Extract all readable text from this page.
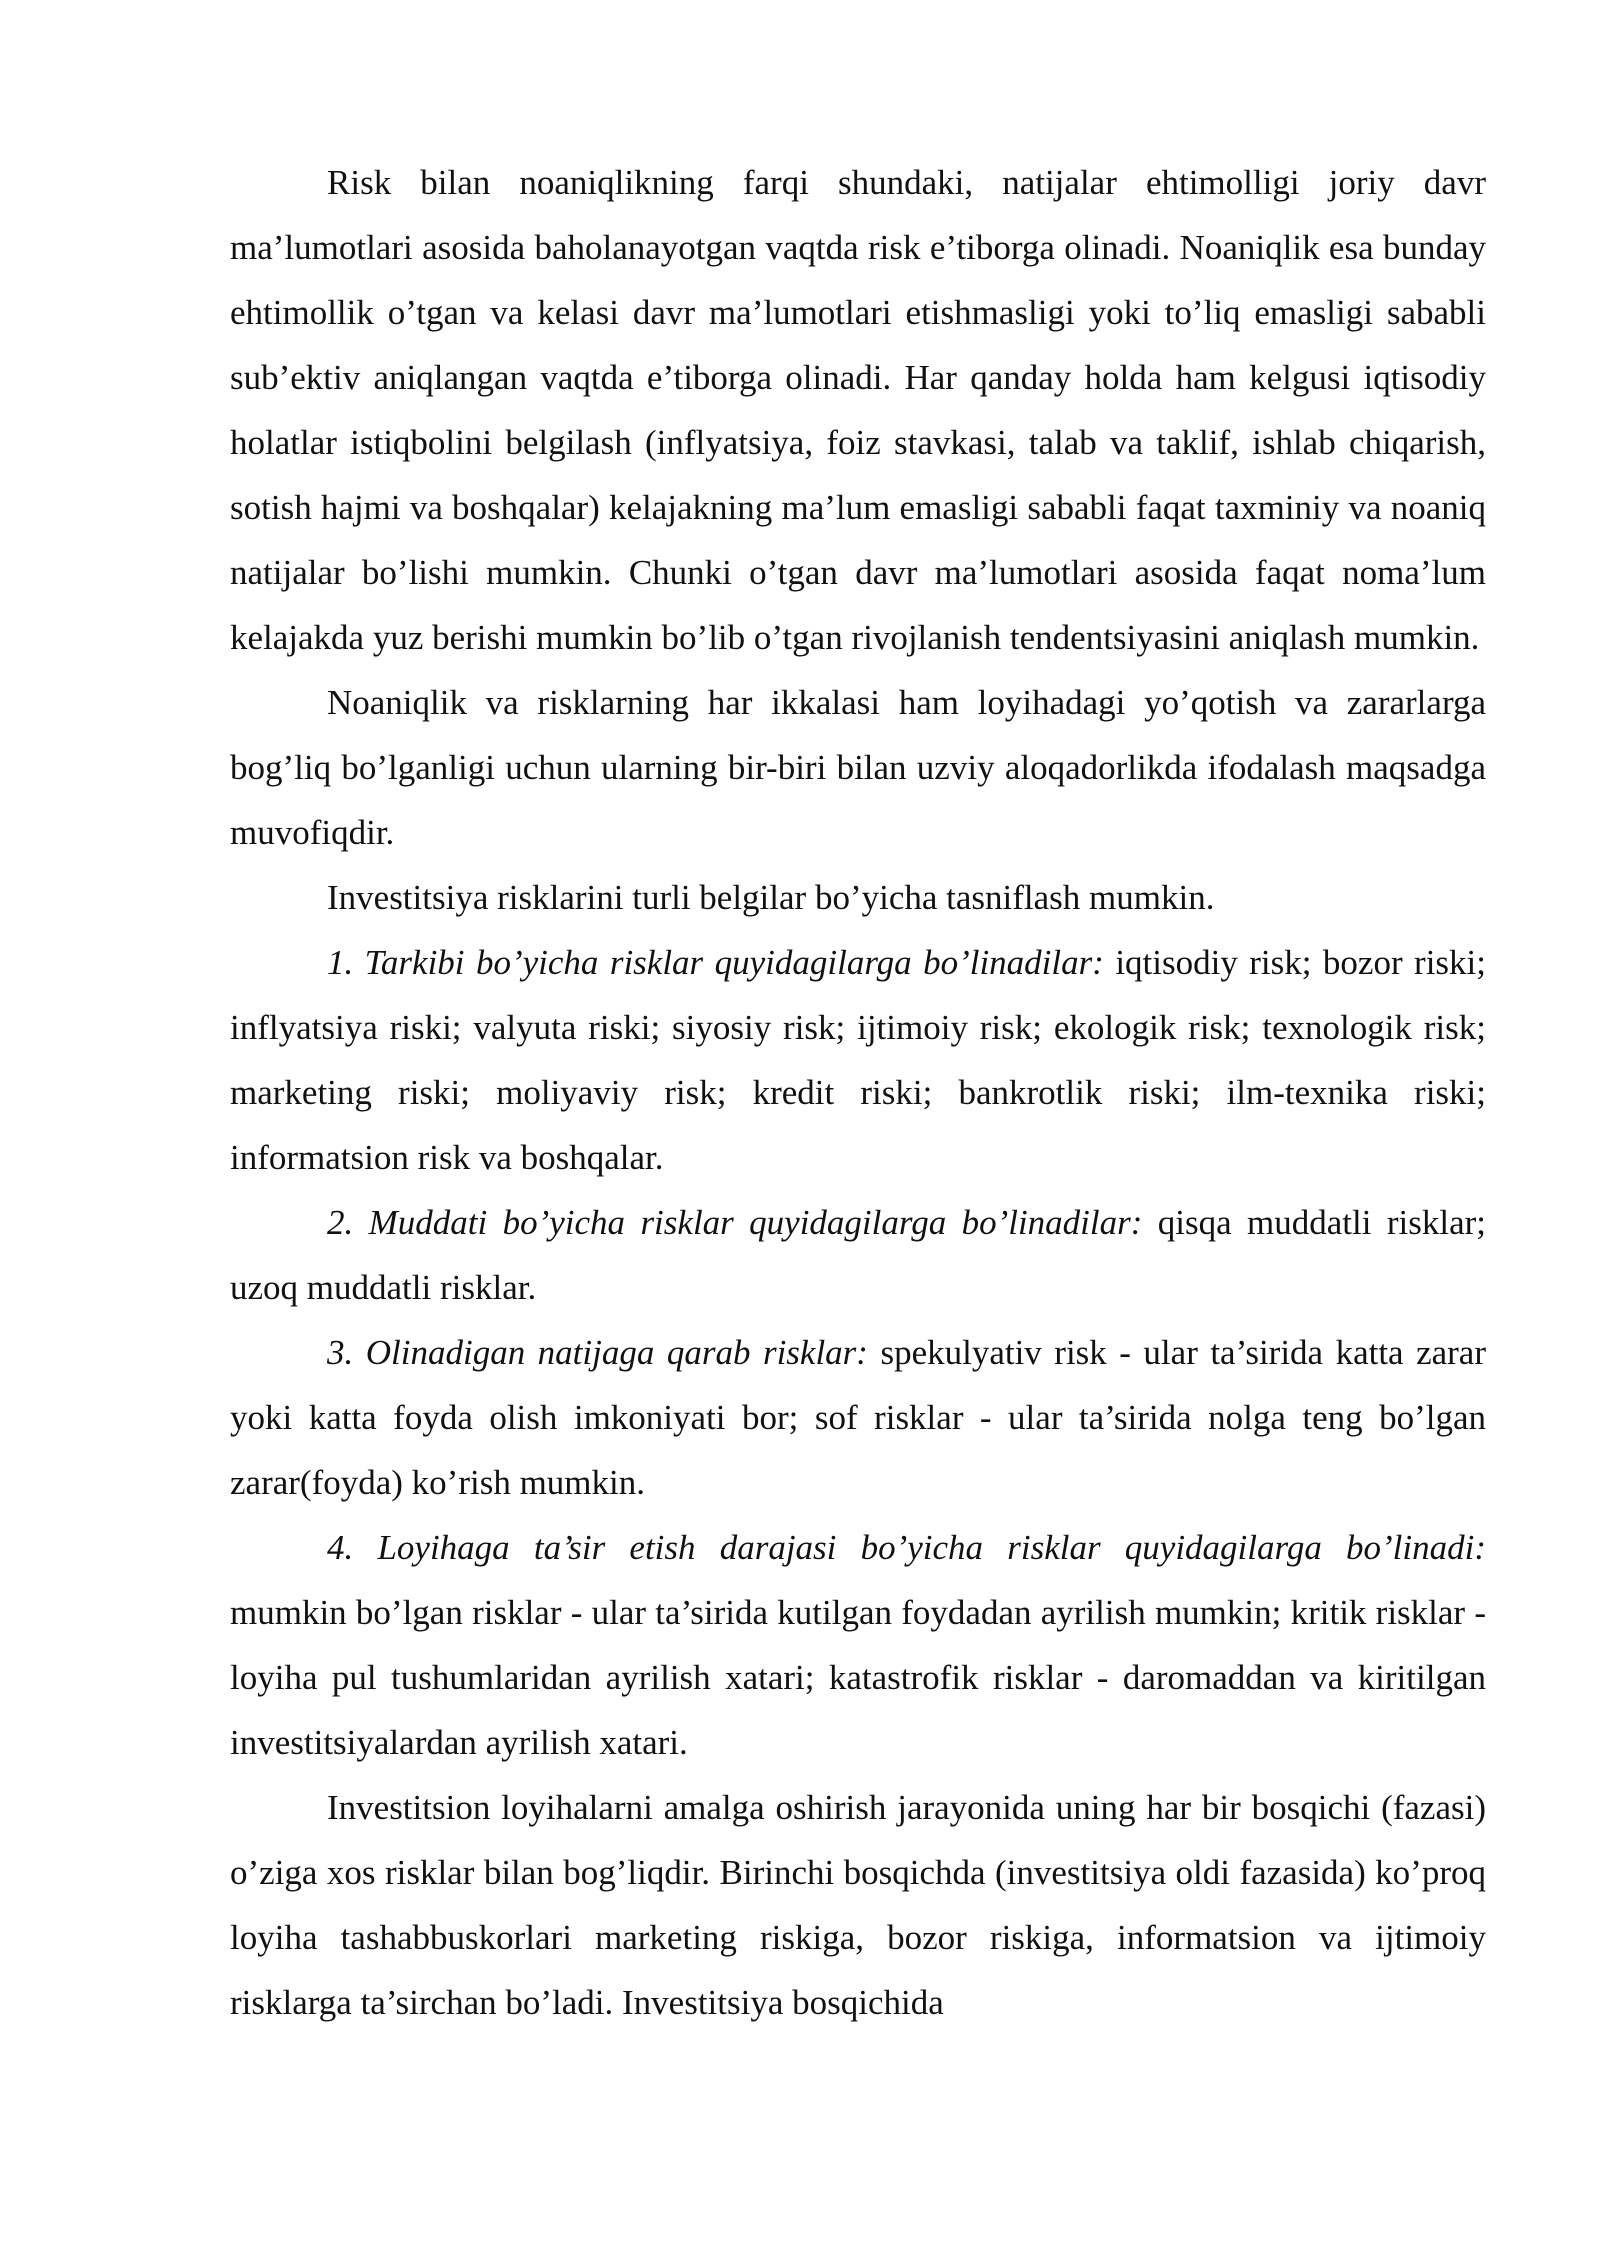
Risk bilan noaniqlikning farqi shundaki, natijalar ehtimolligi joriy davr ma’lumotlari asosida baholanayotgan vaqtda risk e’tiborga olinadi. Noaniqlik esa bunday ehtimollik o’tgan va kelasi davr ma’lumotlari etishmasligi yoki to’liq emasligi sababli sub’ektiv aniqlangan vaqtda e’tiborga olinadi. Har qanday holda ham kelgusi iqtisodiy holatlar istiqbolini belgilash (inflyatsiya, foiz stavkasi, talab va taklif, ishlab chiqarish, sotish hajmi va boshqalar) kelajakning ma’lum emasligi sababli faqat taxminiy va noaniq natijalar bo’lishi mumkin. Chunki o’tgan davr ma’lumotlari asosida faqat noma’lum kelajakda yuz berishi mumkin bo’lib o’tgan rivojlanish tendentsiyasini aniqlash mumkin.

Noaniqlik va risklarning har ikkalasi ham loyihadagi yo’qotish va zararlarga bog’liq bo’lganligi uchun ularning bir-biri bilan uzviy aloqadorlikda ifodalash maqsadga muvofiqdir.

Investitsiya risklarini turli belgilar bo’yicha tasniflash mumkin.

1. Tarkibi bo’yicha risklar quyidagilarga bo’linadilar: iqtisodiy risk; bozor riski; inflyatsiya riski; valyuta riski; siyosiy risk; ijtimoiy risk; ekologik risk; texnologik risk; marketing riski; moliyaviy risk; kredit riski; bankrotlik riski; ilm-texnika riski; informatsion risk va boshqalar.

2. Muddati bo’yicha risklar quyidagilarga bo’linadilar: qisqa muddatli risklar; uzoq muddatli risklar.

3. Olinadigan natijaga qarab risklar: spekulyativ risk - ular ta’sirida katta zarar yoki katta foyda olish imkoniyati bor; sof risklar - ular ta’sirida nolga teng bo’lgan zarar(foyda) ko’rish mumkin.

4. Loyihaga ta’sir etish darajasi bo’yicha risklar quyidagilarga bo’linadi: mumkin bo’lgan risklar - ular ta’sirida kutilgan foydadan ayrilish mumkin; kritik risklar - loyiha pul tushumlaridan ayrilish xatari; katastrofik risklar - daromaddan va kiritilgan investitsiyalardan ayrilish xatari.

Investitsion loyihalarni amalga oshirish jarayonida uning har bir bosqichi (fazasi) o’ziga xos risklar bilan bog’liqdir. Birinchi bosqichda (investitsiya oldi fazasida) ko’proq loyiha tashabbuskorlari marketing riskiga, bozor riskiga, informatsion va ijtimoiy risklarga ta’sirchan bo’ladi. Investitsiya bosqichida
